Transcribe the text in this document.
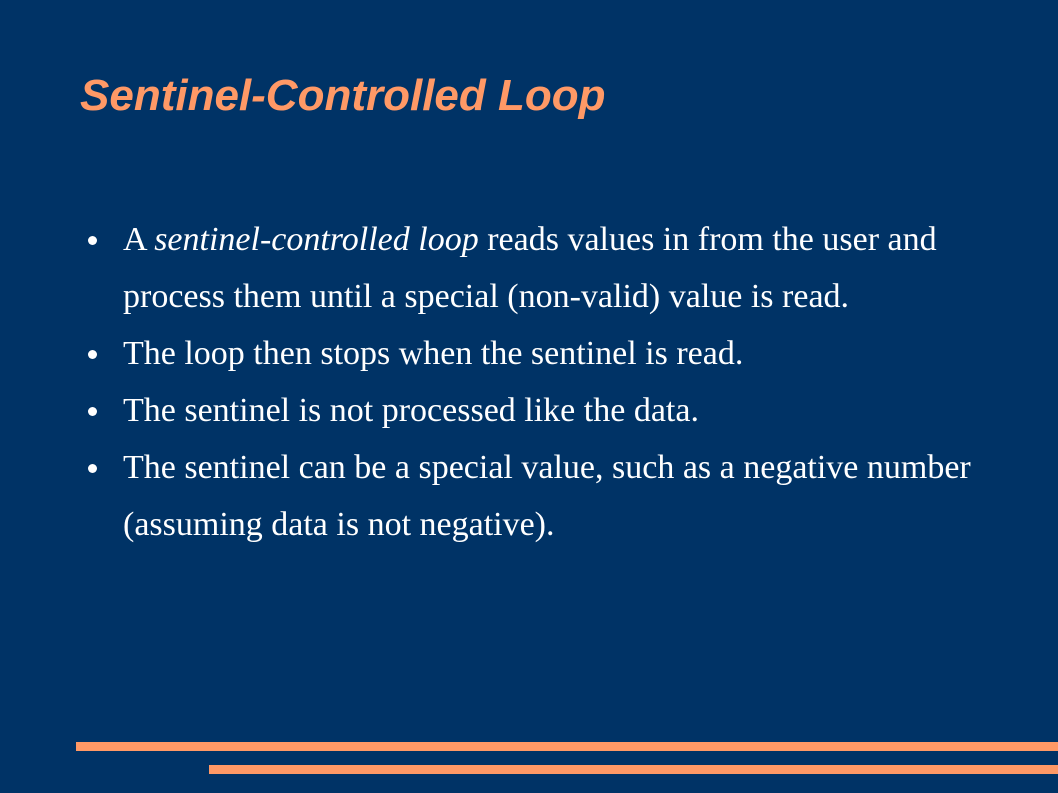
Sentinel-Controlled Loop
A sentinel-controlled loop reads values in from the user and process them until a special (non-valid) value is read.
The loop then stops when the sentinel is read.
The sentinel is not processed like the data.
The sentinel can be a special value, such as a negative number (assuming data is not negative).
